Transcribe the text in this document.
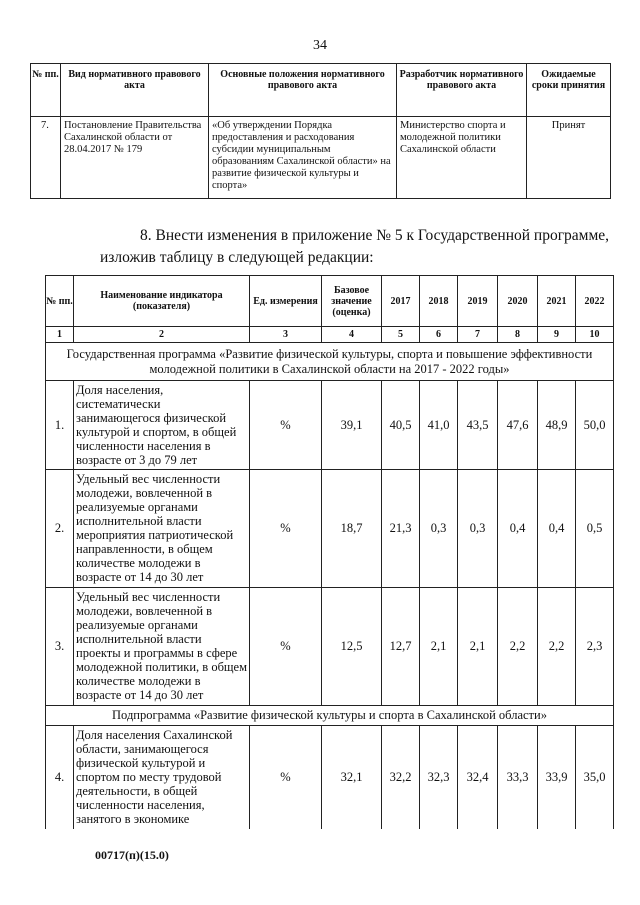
34
№ пп.	Вид нормативного правового акта	Основные положения нормативного правового акта	Разработчик нормативного правового акта	Ожидаемые сроки принятия
7.	Постановление Правительства Сахалинской области от 28.04.2017 № 179	«Об утверждении Порядка предоставления и расходования субсидии муниципальным образованиям Сахалинской области» на развитие физической культуры и спорта»	Министерство спорта и молодежной политики Сахалинской области	Принят
8. Внести изменения в приложение № 5 к Государственной программе,
изложив таблицу в следующей редакции:
№ пп.	Наименование индикатора (показателя)	Ед. измерения	Базовое значение (оценка)	2017	2018	2019	2020	2021	2022
1	2	3	4	5	6	7	8	9	10
Государственная программа «Развитие физической культуры, спорта и повышение эффективности молодежной политики в Сахалинской области на 2017 - 2022 годы»									
1.	Доля населения, систематически занимающегося физической культурой и спортом, в общей численности населения в возрасте от 3 до 79 лет	%	39,1	40,5	41,0	43,5	47,6	48,9	50,0
2.	Удельный вес численности молодежи, вовлеченной в реализуемые органами исполнительной власти мероприятия патриотической направленности, в общем количестве молодежи в возрасте от 14 до 30 лет	%	18,7	21,3	0,3	0,3	0,4	0,4	0,5
3.	Удельный вес численности молодежи, вовлеченной в реализуемые органами исполнительной власти проекты и программы в сфере молодежной политики, в общем количестве молодежи в возрасте от 14 до 30 лет	%	12,5	12,7	2,1	2,1	2,2	2,2	2,3
Подпрограмма «Развитие физической культуры и спорта в Сахалинской области»									
4.	Доля населения Сахалинской области, занимающегося физической культурой и спортом по месту трудовой деятельности, в общей численности населения, занятого в экономике	%	32,1	32,2	32,3	32,4	33,3	33,9	35,0
00717(п)(15.0)
